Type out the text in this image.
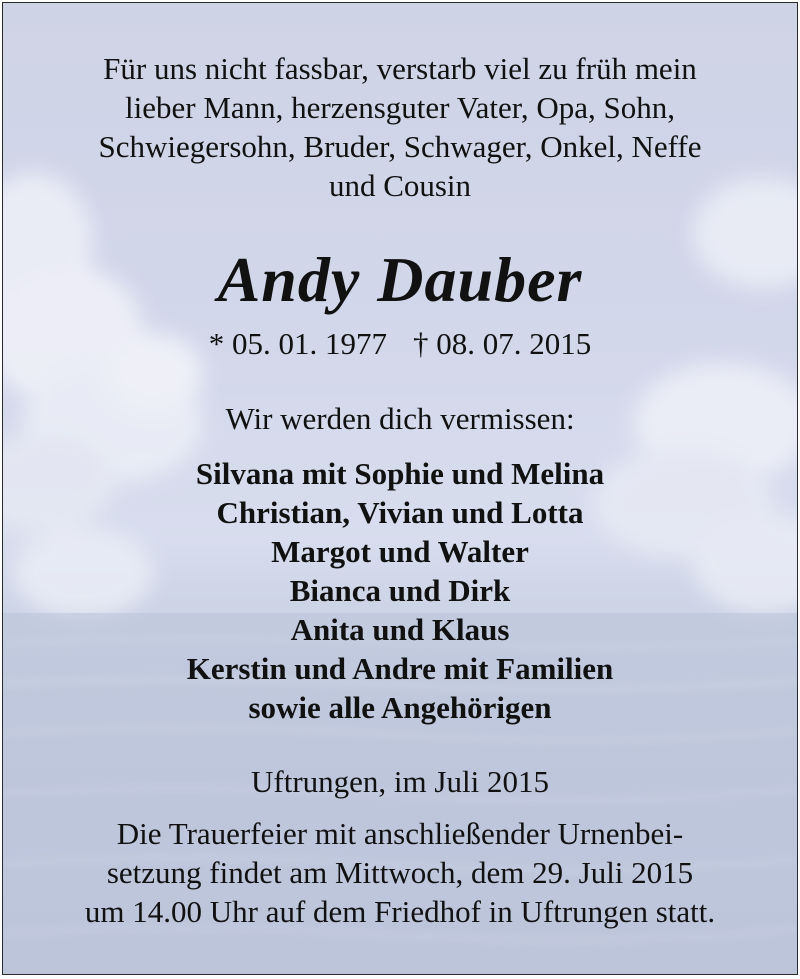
Für uns nicht fassbar, verstarb viel zu früh mein
lieber Mann, herzensguter Vater, Opa, Sohn,
Schwiegersohn, Bruder, Schwager, Onkel, Neffe
und Cousin
Andy Dauber
* 05. 01. 1977 † 08. 07. 2015
Wir werden dich vermissen:
Silvana mit Sophie und Melina
Christian, Vivian und Lotta
Margot und Walter
Bianca und Dirk
Anita und Klaus
Kerstin und Andre mit Familien
sowie alle Angehörigen
Uftrungen, im Juli 2015
Die Trauerfeier mit anschließender Urnenbei-
setzung findet am Mittwoch, dem 29. Juli 2015
um 14.00 Uhr auf dem Friedhof in Uftrungen statt.
